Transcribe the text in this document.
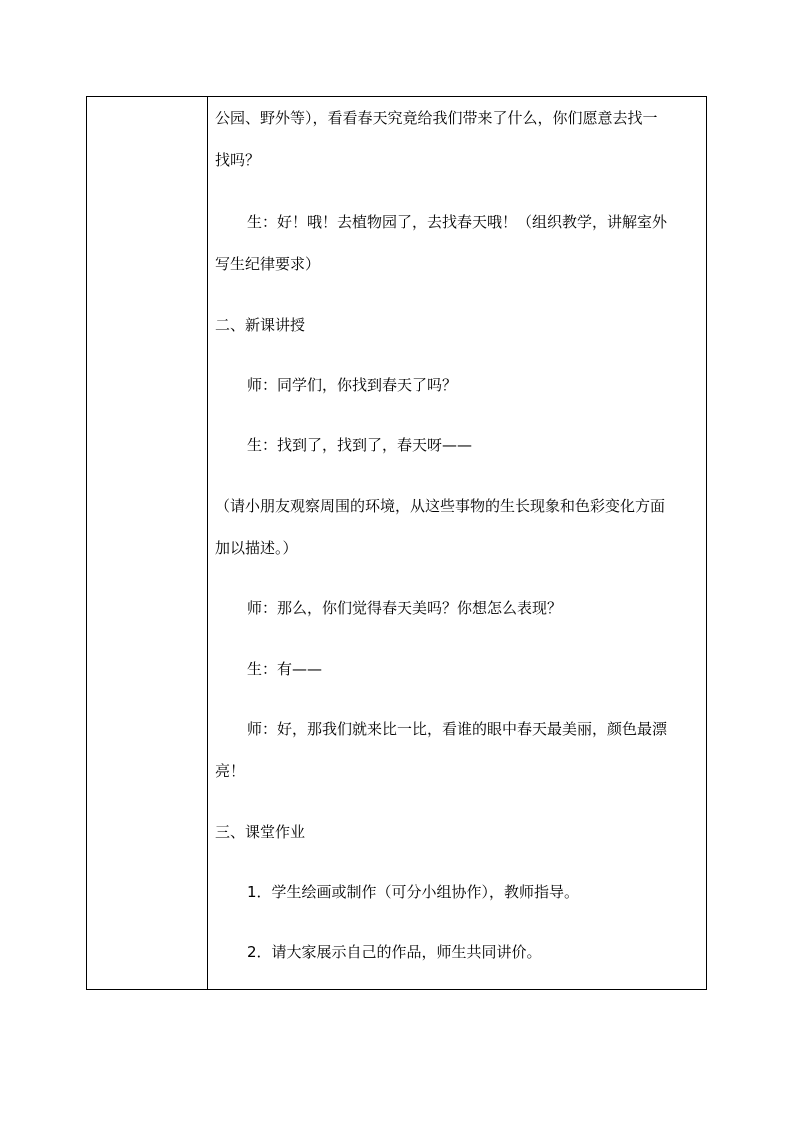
公园、野外等），看看春天究竟给我们带来了什么，你们愿意去找一
找吗？
生：好！哦！去植物园了，去找春天哦！（组织教学，讲解室外
写生纪律要求）
二、新课讲授
师：同学们，你找到春天了吗？
生：找到了，找到了，春天呀——
（请小朋友观察周围的环境，从这些事物的生长现象和色彩变化方面
加以描述。）
师：那么，你们觉得春天美吗？你想怎么表现？
生：有——
师：好，那我们就来比一比，看谁的眼中春天最美丽，颜色最漂
亮！
三、课堂作业
1．学生绘画或制作（可分小组协作），教师指导。
2．请大家展示自己的作品，师生共同讲价。
